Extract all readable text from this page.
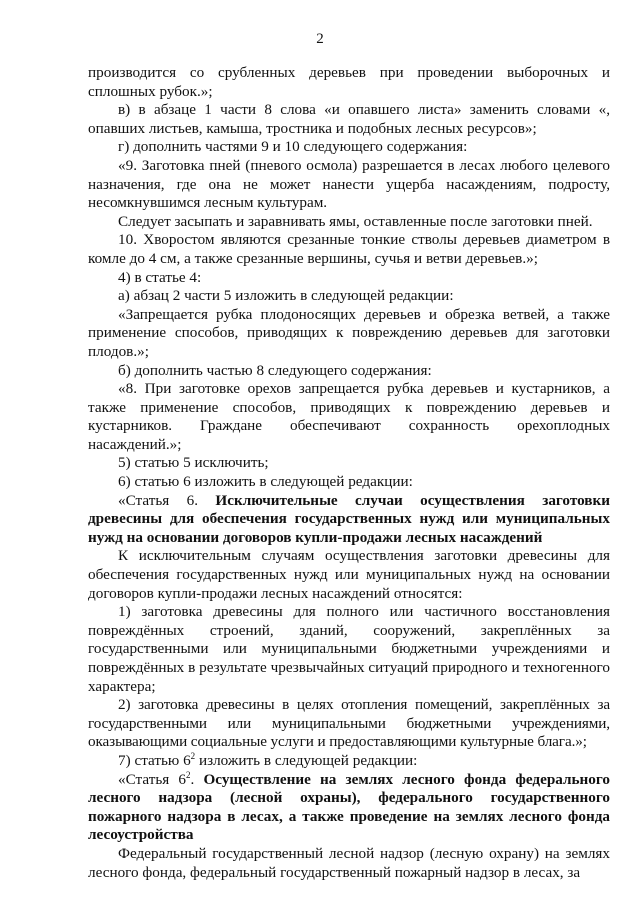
2

производится со срубленных деревьев при проведении выборочных и сплошных рубок.»;

в) в абзаце 1 части 8 слова «и опавшего листа» заменить словами «, опавших листьев, камыша, тростника и подобных лесных ресурсов»;

г) дополнить частями 9 и 10 следующего содержания:

«9. Заготовка пней (пневого осмола) разрешается в лесах любого целевого назначения, где она не может нанести ущерба насаждениям, подросту, несомкнувшимся лесным культурам.

Следует засыпать и заравнивать ямы, оставленные после заготовки пней.

10. Хворостом являются срезанные тонкие стволы деревьев диаметром в комле до 4 см, а также срезанные вершины, сучья и ветви деревьев.»;

4) в статье 4:

а) абзац 2 части 5 изложить в следующей редакции:

«Запрещается рубка плодоносящих деревьев и обрезка ветвей, а также применение способов, приводящих к повреждению деревьев для заготовки плодов.»;

б) дополнить частью 8 следующего содержания:

«8. При заготовке орехов запрещается рубка деревьев и кустарников, а также применение способов, приводящих к повреждению деревьев и кустарников. Граждане обеспечивают сохранность орехоплодных насаждений.»;

5) статью 5 исключить;

6) статью 6 изложить в следующей редакции:

«Статья 6. Исключительные случаи осуществления заготовки древесины для обеспечения государственных нужд или муниципальных нужд на основании договоров купли-продажи лесных насаждений

К исключительным случаям осуществления заготовки древесины для обеспечения государственных нужд или муниципальных нужд на основании договоров купли-продажи лесных насаждений относятся:

1) заготовка древесины для полного или частичного восстановления повреждённых строений, зданий, сооружений, закреплённых за государственными или муниципальными бюджетными учреждениями и повреждённых в результате чрезвычайных ситуаций природного и техногенного характера;

2) заготовка древесины в целях отопления помещений, закреплённых за государственными или муниципальными бюджетными учреждениями, оказывающими социальные услуги и предоставляющими культурные блага.»;

7) статью $6^2$ изложить в следующей редакции:

«Статья $6^2$. Осуществление на землях лесного фонда федерального лесного надзора (лесной охраны), федерального государственного пожарного надзора в лесах, а также проведение на землях лесного фонда лесоустройства

Федеральный государственный лесной надзор (лесную охрану) на землях лесного фонда, федеральный государственный пожарный надзор в лесах, за
